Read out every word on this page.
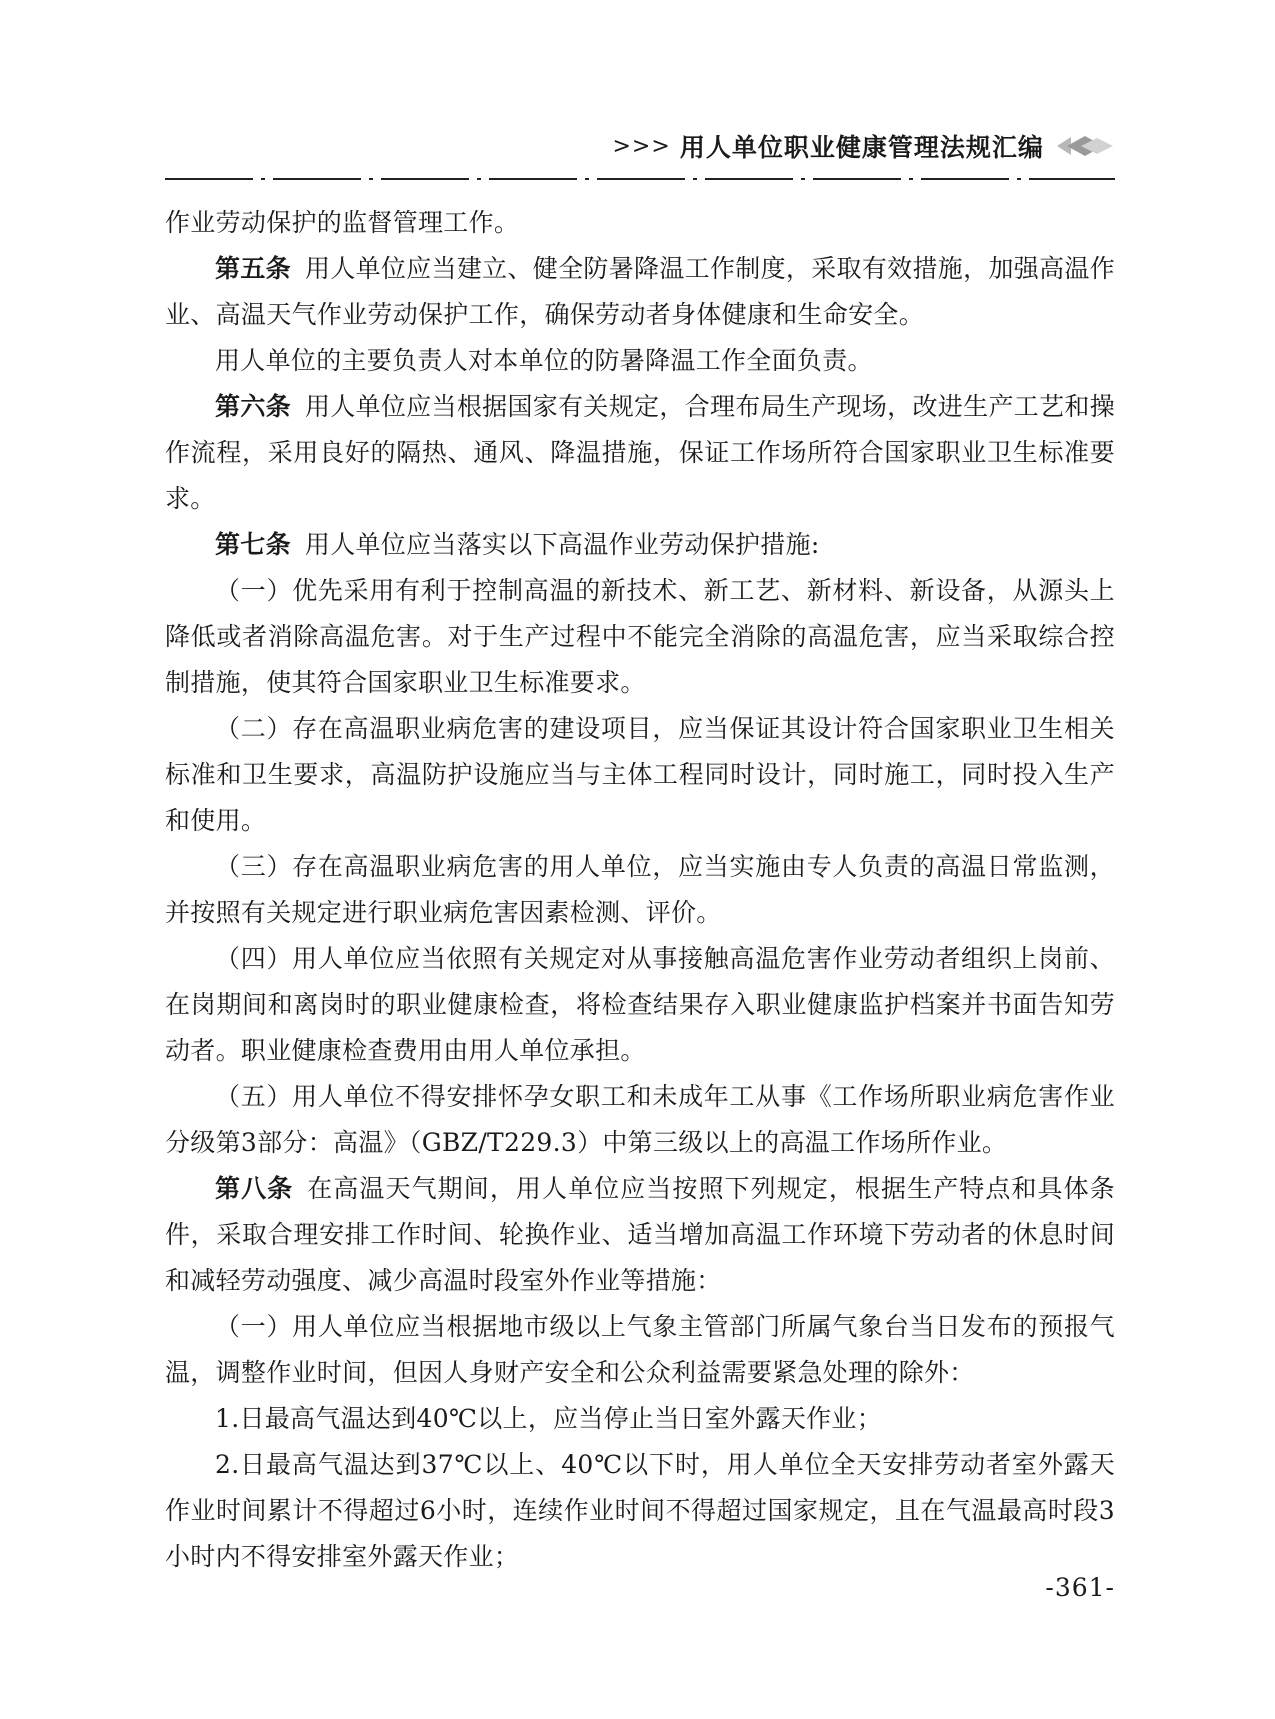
>>> 用人单位职业健康管理法规汇编

作业劳动保护的监督管理工作。

第五条 用人单位应当建立、健全防暑降温工作制度，采取有效措施，加强高温作业、高温天气作业劳动保护工作，确保劳动者身体健康和生命安全。

用人单位的主要负责人对本单位的防暑降温工作全面负责。

第六条 用人单位应当根据国家有关规定，合理布局生产现场，改进生产工艺和操作流程，采用良好的隔热、通风、降温措施，保证工作场所符合国家职业卫生标准要求。

第七条 用人单位应当落实以下高温作业劳动保护措施:

（一）优先采用有利于控制高温的新技术、新工艺、新材料、新设备，从源头上降低或者消除高温危害。对于生产过程中不能完全消除的高温危害，应当采取综合控制措施，使其符合国家职业卫生标准要求。

（二）存在高温职业病危害的建设项目，应当保证其设计符合国家职业卫生相关标准和卫生要求，高温防护设施应当与主体工程同时设计，同时施工，同时投入生产和使用。

（三）存在高温职业病危害的用人单位，应当实施由专人负责的高温日常监测，并按照有关规定进行职业病危害因素检测、评价。

（四）用人单位应当依照有关规定对从事接触高温危害作业劳动者组织上岗前、在岗期间和离岗时的职业健康检查，将检查结果存入职业健康监护档案并书面告知劳动者。职业健康检查费用由用人单位承担。

（五）用人单位不得安排怀孕女职工和未成年工从事《工作场所职业病危害作业分级第3部分：高温》（GBZ/T229.3）中第三级以上的高温工作场所作业。

第八条 在高温天气期间，用人单位应当按照下列规定，根据生产特点和具体条件，采取合理安排工作时间、轮换作业、适当增加高温工作环境下劳动者的休息时间和减轻劳动强度、减少高温时段室外作业等措施：

（一）用人单位应当根据地市级以上气象主管部门所属气象台当日发布的预报气温，调整作业时间，但因人身财产安全和公众利益需要紧急处理的除外：

1.日最高气温达到40℃以上，应当停止当日室外露天作业；

2.日最高气温达到37℃以上、40℃以下时，用人单位全天安排劳动者室外露天作业时间累计不得超过6小时，连续作业时间不得超过国家规定，且在气温最高时段3小时内不得安排室外露天作业；

-361-
